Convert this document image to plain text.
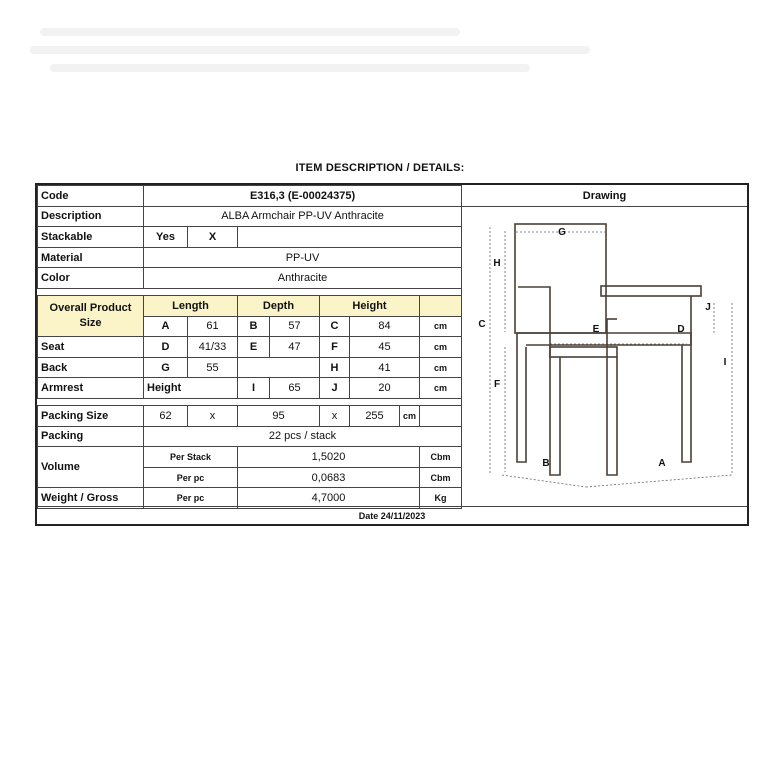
ITEM DESCRIPTION / DETAILS:
Code	E316,3 (E-00024375)							
Description	ALBA Armchair PP-UV Anthracite							
Stackable	Yes	X						
Material	PP-UV							
Color	Anthracite							

Overall Product Size	Length		Depth		Height			
	A	61	B	57	C	84		cm
Seat	D	41/33	E	47	F	45		cm
Back	G	55			H	41		cm
Armrest	Height		I	65	J	20		cm

Packing Size	62	x	95		x	255	cm	
Packing	22 pcs / stack							
Volume	Per Stack		1,5020					Cbm
	Per pc		0,0683					Cbm
Weight / Gross	Per pc		4,7000					Kg
Drawing
G
H
C
J
E	D
I
F
B	A
Date 24/11/2023
